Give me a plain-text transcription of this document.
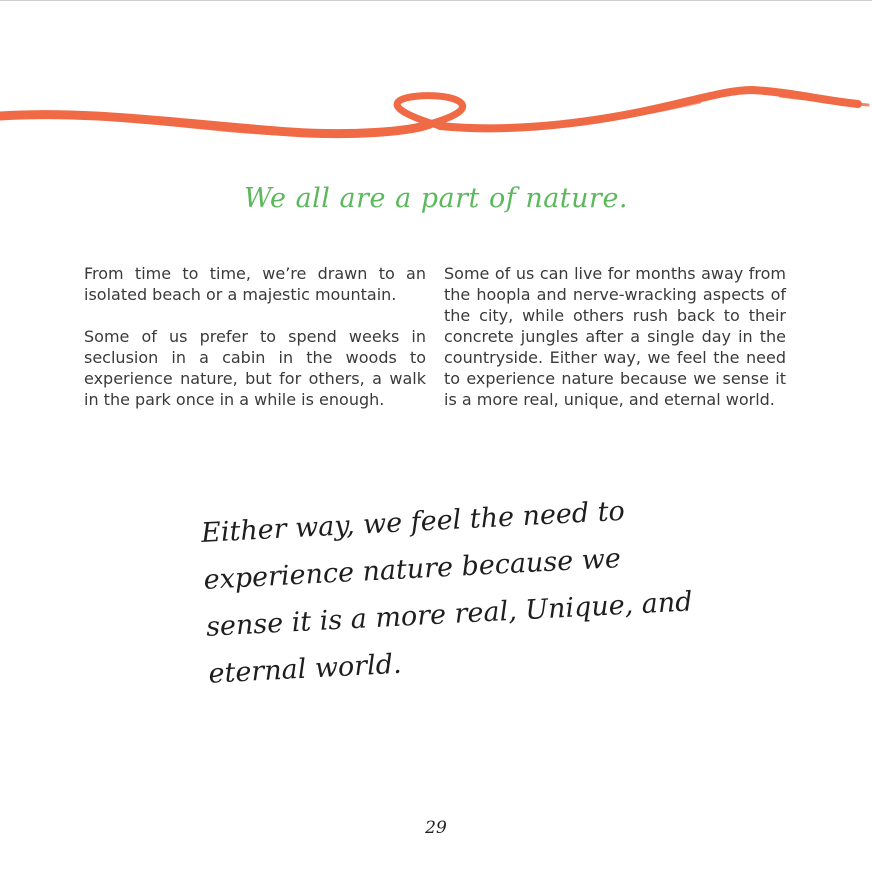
We all are a part of nature.

From time to time, we’re drawn to an isolated beach or a majestic mountain.

Some of us prefer to spend weeks in seclusion in a cabin in the woods to experience nature, but for others, a walk in the park once in a while is enough.

Some of us can live for months away from the hoopla and nerve-wracking aspects of the city, while others rush back to their concrete jungles after a single day in the countryside. Either way, we feel the need to experience nature because we sense it is a more real, unique, and eternal world.

Either way, we feel the need to
experience nature because we
sense it is a more real, Unique, and
eternal world.
29
